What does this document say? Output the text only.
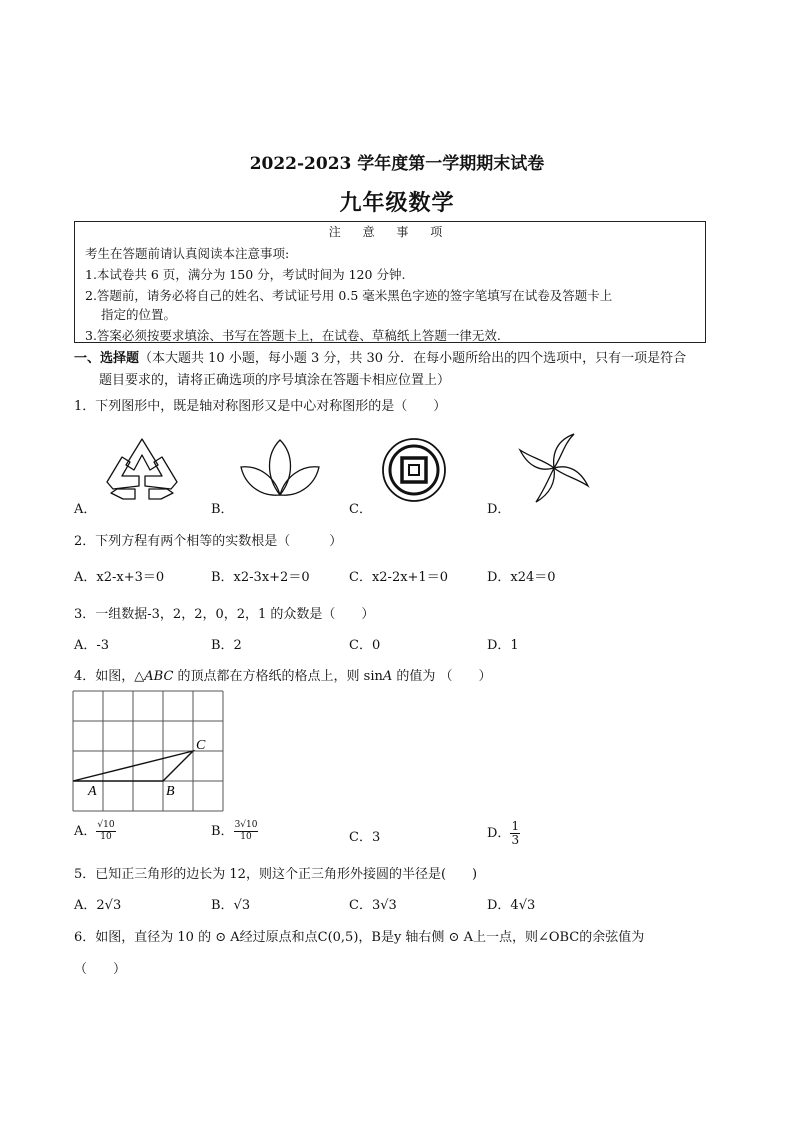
2022-2023 学年度第一学期期末试卷
九年级数学
注 意 事 项
考生在答题前请认真阅读本注意事项:
1.本试卷共 6 页，满分为 150 分，考试时间为 120 分钟.
2.答题前，请务必将自己的姓名、考试证号用 0.5 毫米黑色字迹的签字笔填写在试卷及答题卡上
指定的位置。
3.答案必须按要求填涂、书写在答题卡上，在试卷、草稿纸上答题一律无效.
一、选择题（本大题共 10 小题，每小题 3 分，共 30 分．在每小题所给出的四个选项中，只有一项是符合
题目要求的，请将正确选项的序号填涂在答题卡相应位置上）
1．下列图形中，既是轴对称图形又是中心对称图形的是（　　）
A．	B．	C．	D．
2．下列方程有两个相等的实数根是（　　　）
A．x2-x+3＝0	B．x2-3x+2＝0	C．x2-2x+1＝0	D．x24＝0
3．一组数据-3，2，2，0，2，1 的众数是（　　）
A．-3	B．2	C．0	D．1
4．如图，△ABC 的顶点都在方格纸的格点上，则 sinA 的值为 （　　）
A	B
C
A． $\frac{√10}{10}$	B． $\frac{3√10}{10}$	C．3	D． $\frac{1}{3}$
5．已知正三角形的边长为 12，则这个正三角形外接圆的半径是(　　)
A．2√3	B．√3	C．3√3	D．4√3
6．如图，直径为 10 的 ⊙ A经过原点和点C(0,5)，B是y 轴右侧 ⊙ A上一点，则∠OBC的余弦值为
（　　）
